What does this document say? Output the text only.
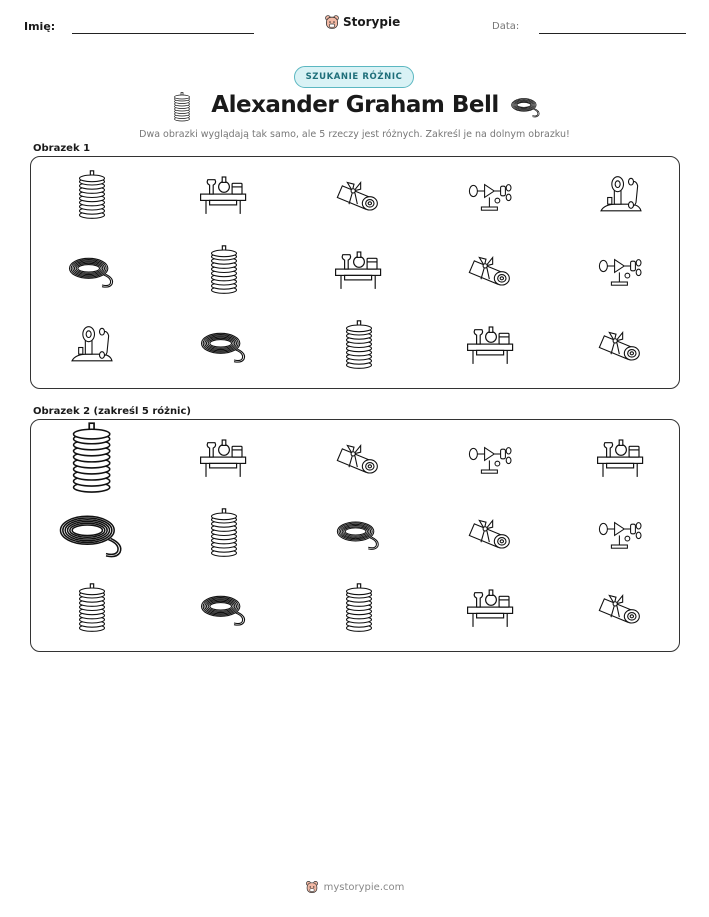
Imię:	Storypie	Data:
SZUKANIE RÓŻNIC
Alexander Graham Bell
Dwa obrazki wyglądają tak samo, ale 5 rzeczy jest różnych. Zakreśl je na dolnym obrazku!
Obrazek 1
Obrazek 2 (zakreśl 5 różnic)
mystorypie.com
